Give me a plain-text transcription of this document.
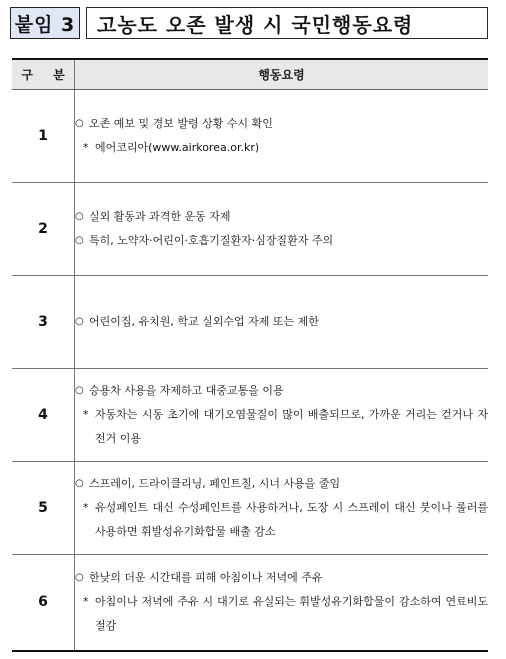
붙임 3	고농도 오존 발생 시 국민행동요령
구 분	행동요령
1	○ 오존 예보 및 경보 발령 상황 수시 확인
* 에어코리아(www.airkorea.or.kr)

2	○ 실외 활동과 과격한 운동 자제
○ 특히, 노약자·어린이·호흡기질환자·심장질환자 주의

3	○ 어린이집, 유치원, 학교 실외수업 자제 또는 제한

4	○ 승용차 사용을 자제하고 대중교통을 이용
* 자동차는 시동 초기에 대기오염물질이 많이 배출되므로, 가까운 거리는 걷거나 자전거 이용

5	○ 스프레이, 드라이클리닝, 페인트칠, 시너 사용을 줄임
* 유성페인트 대신 수성페인트를 사용하거나, 도장 시 스프레이 대신 붓이나 롤러를 사용하면 휘발성유기화합물 배출 감소

6	○ 한낮의 더운 시간대를 피해 아침이나 저녁에 주유
* 아침이나 저녁에 주유 시 대기로 유실되는 휘발성유기화합물이 감소하여 연료비도 절감
